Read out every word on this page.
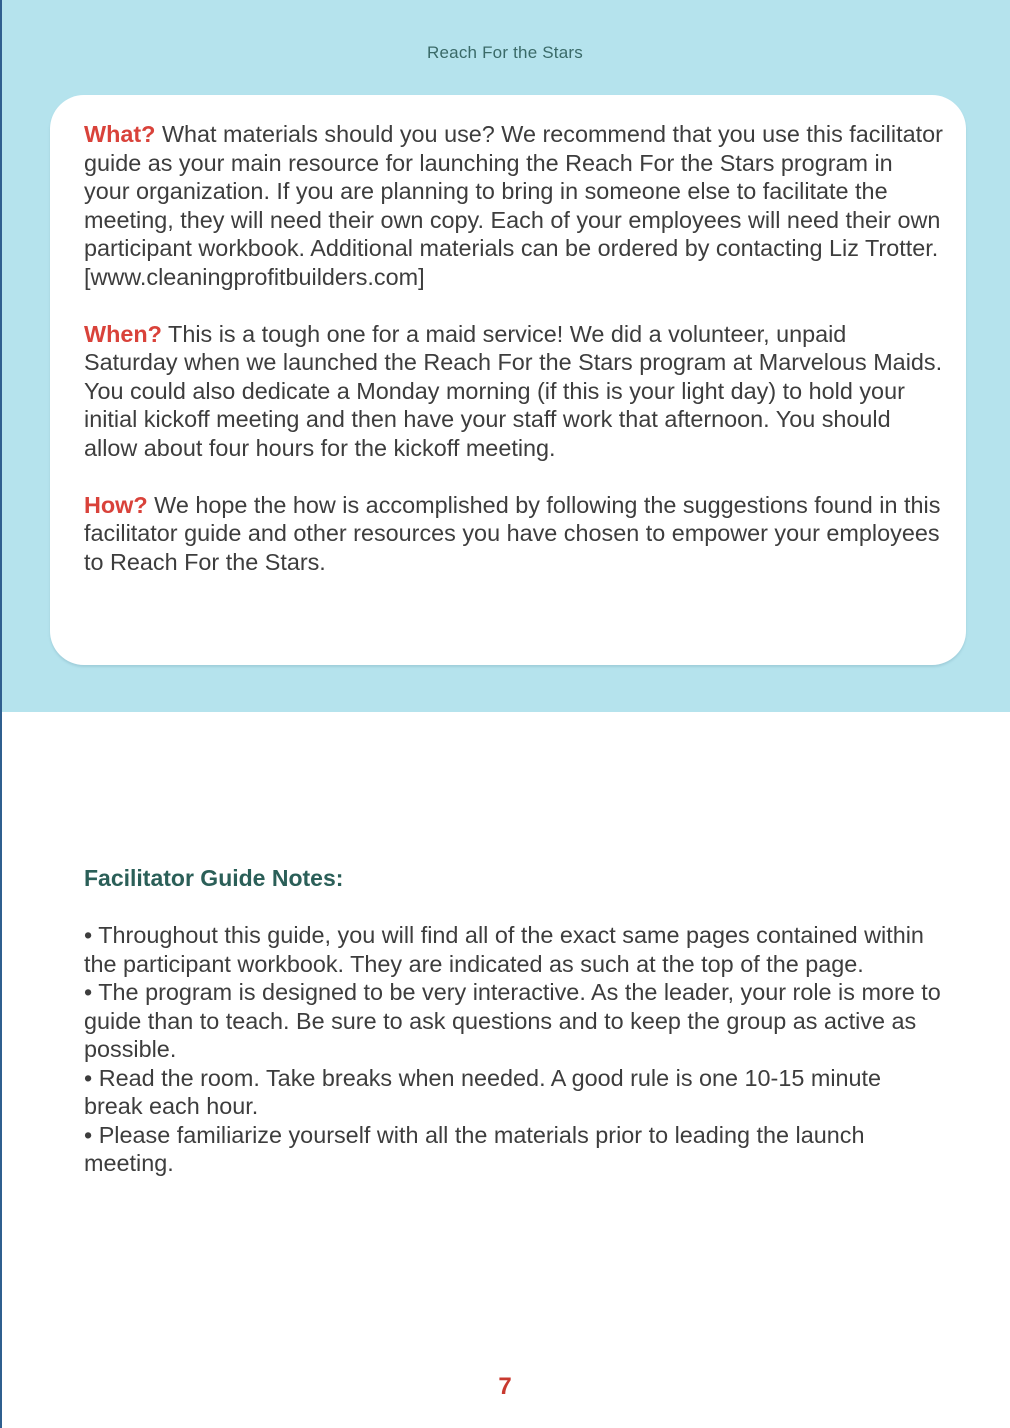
Reach For the Stars

What? What materials should you use? We recommend that you use this facilitator guide as your main resource for launching the Reach For the Stars program in your organization. If you are planning to bring in someone else to facilitate the meeting, they will need their own copy. Each of your employees will need their own participant workbook. Additional materials can be ordered by contacting Liz Trotter. [www.cleaningprofitbuilders.com]

When? This is a tough one for a maid service! We did a volunteer, unpaid Saturday when we launched the Reach For the Stars program at Marvelous Maids. You could also dedicate a Monday morning (if this is your light day) to hold your initial kickoff meeting and then have your staff work that afternoon. You should allow about four hours for the kickoff meeting.

How? We hope the how is accomplished by following the suggestions found in this facilitator guide and other resources you have chosen to empower your employees to Reach For the Stars.

Facilitator Guide Notes:

• Throughout this guide, you will find all of the exact same pages contained within the participant workbook. They are indicated as such at the top of the page.

• The program is designed to be very interactive. As the leader, your role is more to guide than to teach. Be sure to ask questions and to keep the group as active as possible.

• Read the room. Take breaks when needed. A good rule is one 10-15 minute break each hour.

• Please familiarize yourself with all the materials prior to leading the launch meeting.

7
